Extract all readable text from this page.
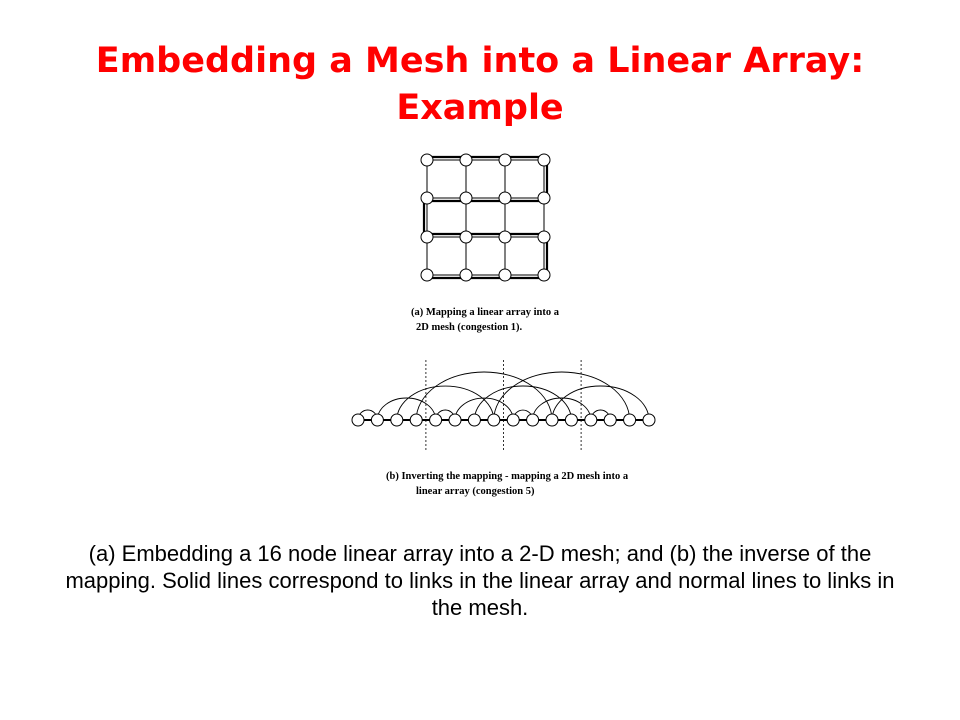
Embedding a Mesh into a Linear Array:
Example
(a) Mapping a linear array into a
2D mesh (congestion 1).
(b) Inverting the mapping - mapping a 2D mesh into a
linear array (congestion 5)
(a) Embedding a 16 node linear array into a 2-D mesh; and (b) the inverse of the mapping. Solid lines correspond to links in the linear array and normal lines to links in the mesh.
